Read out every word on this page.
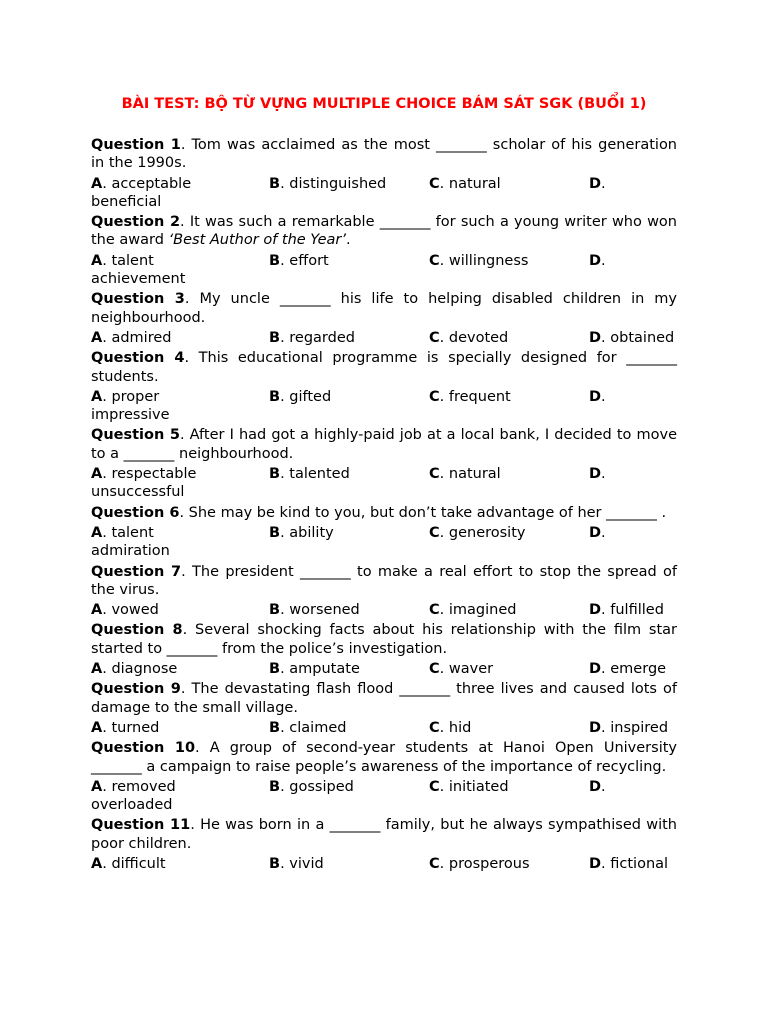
BÀI TEST: BỘ TỪ VỰNG MULTIPLE CHOICE BÁM SÁT SGK (BUỔI 1)

Question 1. Tom was acclaimed as the most _______ scholar of his generation in the 1990s.

A. acceptable	B. distinguished	C. natural	D.
beneficial

Question 2. It was such a remarkable _______ for such a young writer who won the award ‘Best Author of the Year’.

A. talent	B. effort	C. willingness	D.
achievement

Question 3. My uncle _______ his life to helping disabled children in my neighbourhood.

A. admired	B. regarded	C. devoted	D. obtained

Question 4. This educational programme is specially designed for _______ students.

A. proper	B. gifted	C. frequent	D.
impressive

Question 5. After I had got a highly-paid job at a local bank, I decided to move to a _______ neighbourhood.

A. respectable	B. talented	C. natural	D.
unsuccessful

Question 6. She may be kind to you, but don’t take advantage of her _______ .

A. talent	B. ability	C. generosity	D.
admiration

Question 7. The president _______ to make a real effort to stop the spread of the virus.

A. vowed	B. worsened	C. imagined	D. fulfilled

Question 8. Several shocking facts about his relationship with the film star started to _______ from the police’s investigation.

A. diagnose	B. amputate	C. waver	D. emerge

Question 9. The devastating flash flood _______ three lives and caused lots of damage to the small village.

A. turned	B. claimed	C. hid	D. inspired

Question 10. A group of second-year students at Hanoi Open University _______ a campaign to raise people’s awareness of the importance of recycling.

A. removed	B. gossiped	C. initiated	D.
overloaded

Question 11. He was born in a _______ family, but he always sympathised with poor children.

A. difficult	B. vivid	C. prosperous	D. fictional
